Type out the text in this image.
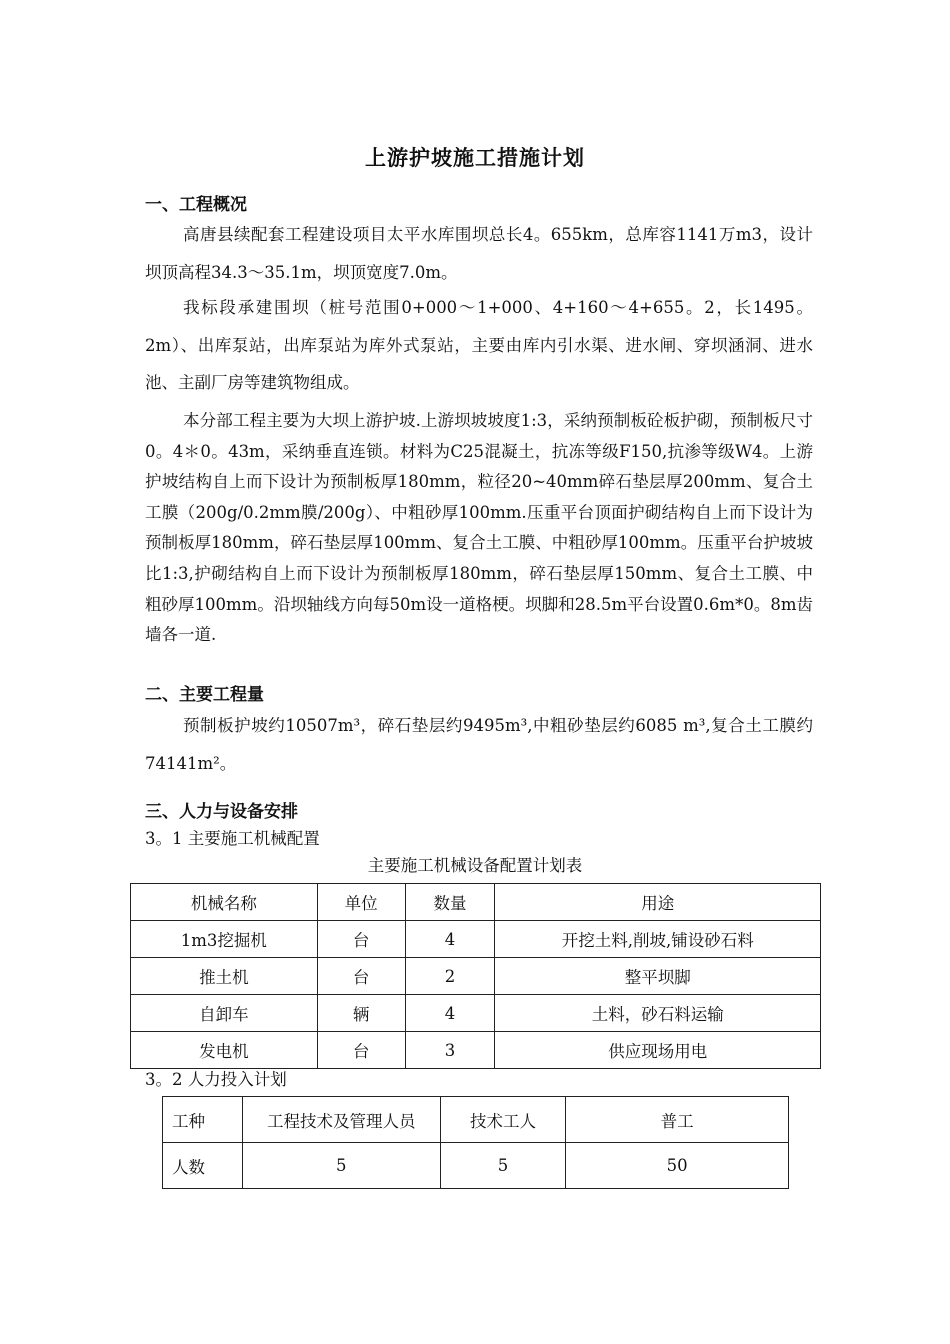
上游护坡施工措施计划
一、工程概况

高唐县续配套工程建设项目太平水库围坝总长4。655km，总库容1141万m3，设计坝顶高程34.3～35.1m，坝顶宽度7.0m。

我标段承建围坝（桩号范围0+000～1+000、4+160～4+655。2，长1495。2m）、出库泵站，出库泵站为库外式泵站，主要由库内引水渠、进水闸、穿坝涵洞、进水池、主副厂房等建筑物组成。

本分部工程主要为大坝上游护坡.上游坝坡坡度1:3，采纳预制板砼板护砌，预制板尺寸0。4＊0。43m，采纳垂直连锁。材料为C25混凝土，抗冻等级F150,抗渗等级W4。上游护坡结构自上而下设计为预制板厚180mm，粒径20~40mm碎石垫层厚200mm、复合土工膜（200g/0.2mm膜/200g）、中粗砂厚100mm.压重平台顶面护砌结构自上而下设计为预制板厚180mm，碎石垫层厚100mm、复合土工膜、中粗砂厚100mm。压重平台护坡坡比1:3,护砌结构自上而下设计为预制板厚180mm，碎石垫层厚150mm、复合土工膜、中粗砂厚100mm。沿坝轴线方向每50m设一道格梗。坝脚和28.5m平台设置0.6m*0。8m齿墙各一道.

二、主要工程量

预制板护坡约10507m³，碎石垫层约9495m³,中粗砂垫层约6085 m³,复合土工膜约74141m²。

三、人力与设备安排
3。1 主要施工机械配置
主要施工机械设备配置计划表
机械名称	单位	数量	用途
1m3挖掘机	台	4	开挖土料,削坡,铺设砂石料
推土机	台	2	整平坝脚
自卸车	辆	4	土料，砂石料运输
发电机	台	3	供应现场用电
3。2 人力投入计划
工种	工程技术及管理人员	技术工人	普工
人数	5	5	50
